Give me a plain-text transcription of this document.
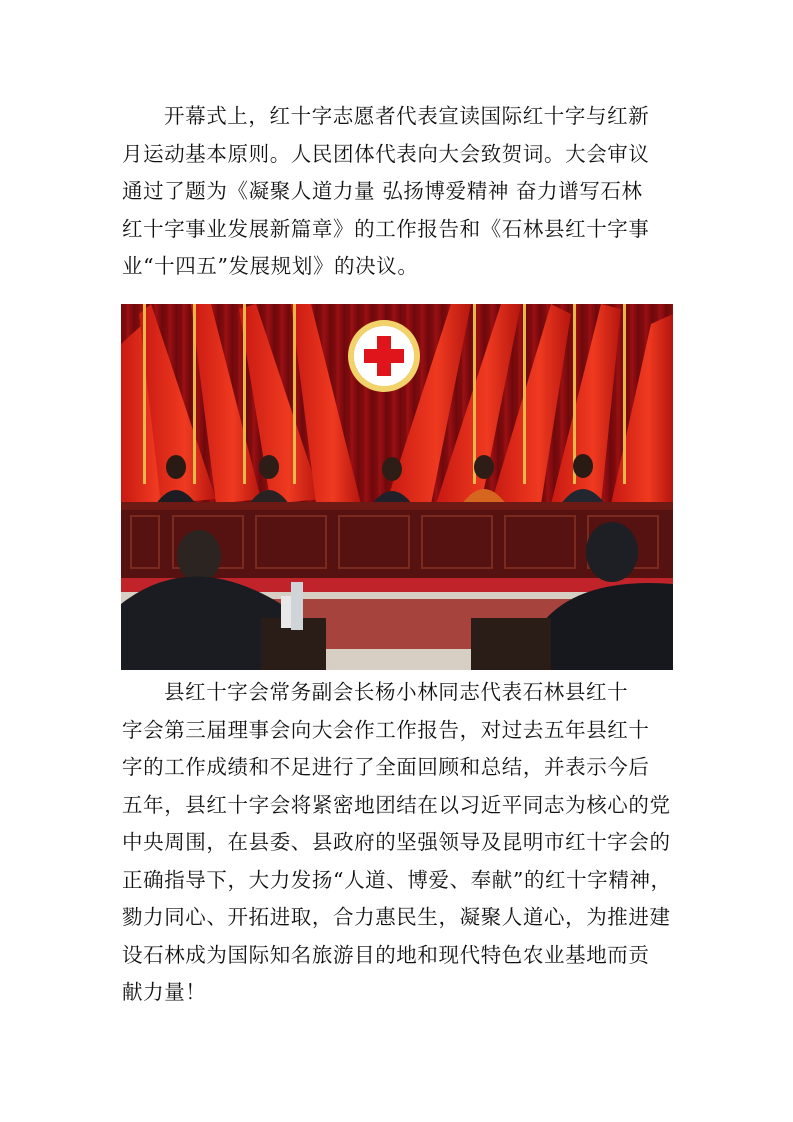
开幕式上，红十字志愿者代表宣读国际红十字与红新
月运动基本原则。人民团体代表向大会致贺词。大会审议
通过了题为《凝聚人道力量 弘扬博爱精神 奋力谱写石林
红十字事业发展新篇章》的工作报告和《石林县红十字事
业“十四五”发展规划》的决议。
县红十字会常务副会长杨小林同志代表石林县红十
字会第三届理事会向大会作工作报告，对过去五年县红十
字的工作成绩和不足进行了全面回顾和总结，并表示今后
五年，县红十字会将紧密地团结在以习近平同志为核心的党
中央周围，在县委、县政府的坚强领导及昆明市红十字会的
正确指导下，大力发扬“人道、博爱、奉献”的红十字精神，
勠力同心、开拓进取，合力惠民生，凝聚人道心，为推进建
设石林成为国际知名旅游目的地和现代特色农业基地而贡
献力量！
